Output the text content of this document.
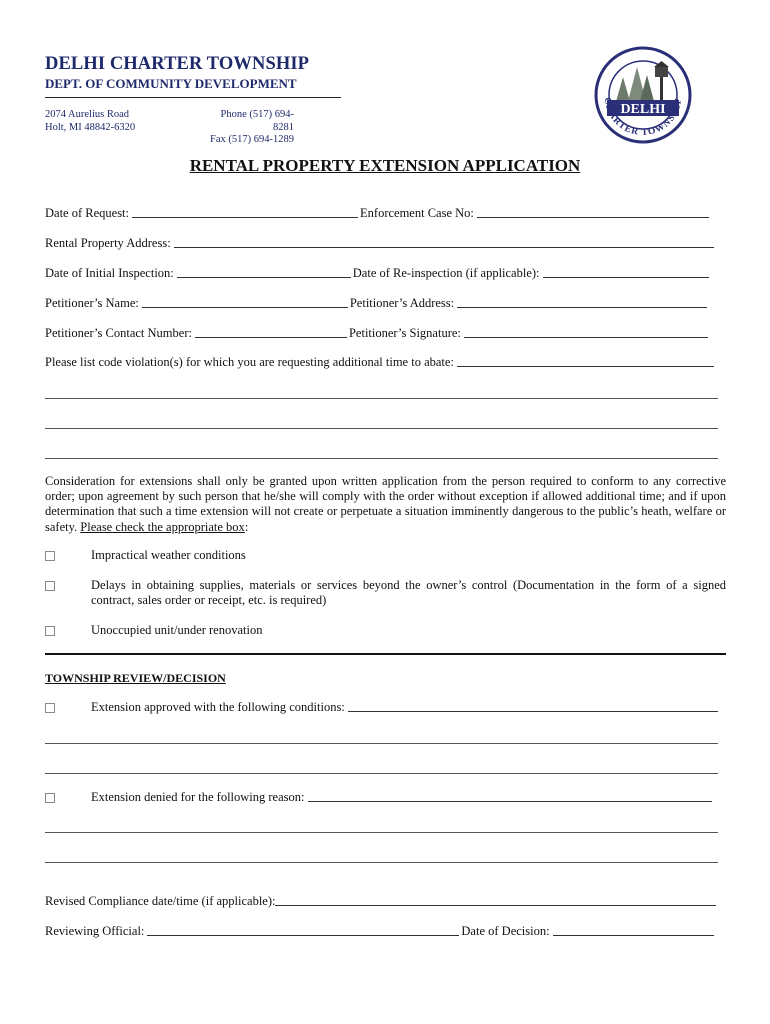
DELHI CHARTER TOWNSHIP
DEPT. OF COMMUNITY DEVELOPMENT
2074 Aurelius Road
Holt, MI 48842-6320
Phone (517) 694-8281
Fax (517) 694-1289
DELHI
CHARTER TOWNSHIP
RENTAL PROPERTY EXTENSION APPLICATION
Date of Request:	Enforcement Case No:
Rental Property Address:
Date of Initial Inspection:	Date of Re-inspection (if applicable):
Petitioner’s Name:	Petitioner’s Address:
Petitioner’s Contact Number:	Petitioner’s Signature:
Please list code violation(s) for which you are requesting additional time to abate:
Consideration for extensions shall only be granted upon written application from the person required to conform to any corrective order; upon agreement by such person that he/she will comply with the order without exception if allowed additional time; and if upon determination that such a time extension will not create or perpetuate a situation imminently dangerous to the public’s heath, welfare or safety. Please check the appropriate box:
Impractical weather conditions
Delays in obtaining supplies, materials or services beyond the owner’s control (Documentation in the form of a signed contract, sales order or receipt, etc. is required)
Unoccupied unit/under renovation
TOWNSHIP REVIEW/DECISION
Extension approved with the following conditions:
Extension denied for the following reason:
Revised Compliance date/time (if applicable):
Reviewing Official:	Date of Decision:
